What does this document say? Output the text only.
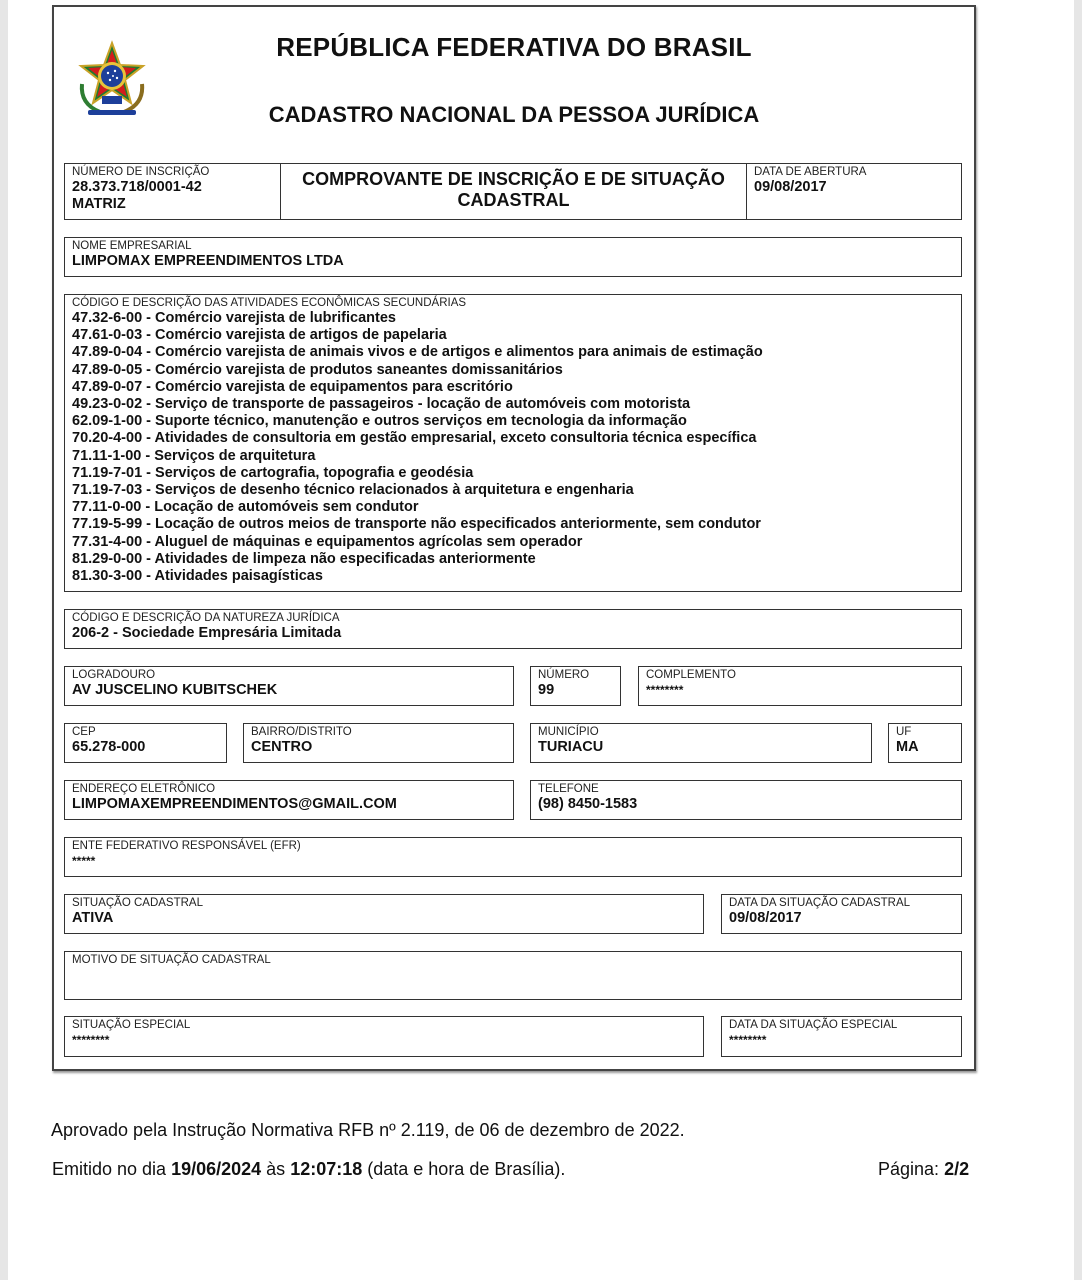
REPÚBLICA FEDERATIVA DO BRASIL
CADASTRO NACIONAL DA PESSOA JURÍDICA
NÚMERO DE INSCRIÇÃO
28.373.718/0001-42
MATRIZ
COMPROVANTE DE INSCRIÇÃO E DE SITUAÇÃO
CADASTRAL
DATA DE ABERTURA
09/08/2017
NOME EMPRESARIAL
LIMPOMAX EMPREENDIMENTOS LTDA
CÓDIGO E DESCRIÇÃO DAS ATIVIDADES ECONÔMICAS SECUNDÁRIAS
47.32-6-00 - Comércio varejista de lubrificantes
47.61-0-03 - Comércio varejista de artigos de papelaria
47.89-0-04 - Comércio varejista de animais vivos e de artigos e alimentos para animais de estimação
47.89-0-05 - Comércio varejista de produtos saneantes domissanitários
47.89-0-07 - Comércio varejista de equipamentos para escritório
49.23-0-02 - Serviço de transporte de passageiros - locação de automóveis com motorista
62.09-1-00 - Suporte técnico, manutenção e outros serviços em tecnologia da informação
70.20-4-00 - Atividades de consultoria em gestão empresarial, exceto consultoria técnica específica
71.11-1-00 - Serviços de arquitetura
71.19-7-01 - Serviços de cartografia, topografia e geodésia
71.19-7-03 - Serviços de desenho técnico relacionados à arquitetura e engenharia
77.11-0-00 - Locação de automóveis sem condutor
77.19-5-99 - Locação de outros meios de transporte não especificados anteriormente, sem condutor
77.31-4-00 - Aluguel de máquinas e equipamentos agrícolas sem operador
81.29-0-00 - Atividades de limpeza não especificadas anteriormente
81.30-3-00 - Atividades paisagísticas
CÓDIGO E DESCRIÇÃO DA NATUREZA JURÍDICA
206-2 - Sociedade Empresária Limitada
LOGRADOURO
AV JUSCELINO KUBITSCHEK
NÚMERO
99
COMPLEMENTO
********
CEP
65.278-000
BAIRRO/DISTRITO
CENTRO
MUNICÍPIO
TURIACU
UF
MA
ENDEREÇO ELETRÔNICO
LIMPOMAXEMPREENDIMENTOS@GMAIL.COM
TELEFONE
(98) 8450-1583
ENTE FEDERATIVO RESPONSÁVEL (EFR)
*****
SITUAÇÃO CADASTRAL
ATIVA
DATA DA SITUAÇÃO CADASTRAL
09/08/2017
MOTIVO DE SITUAÇÃO CADASTRAL
SITUAÇÃO ESPECIAL
********
DATA DA SITUAÇÃO ESPECIAL
********
Aprovado pela Instrução Normativa RFB nº 2.119, de 06 de dezembro de 2022.
Emitido no dia 19/06/2024 às 12:07:18 (data e hora de Brasília).	Página: 2/2
